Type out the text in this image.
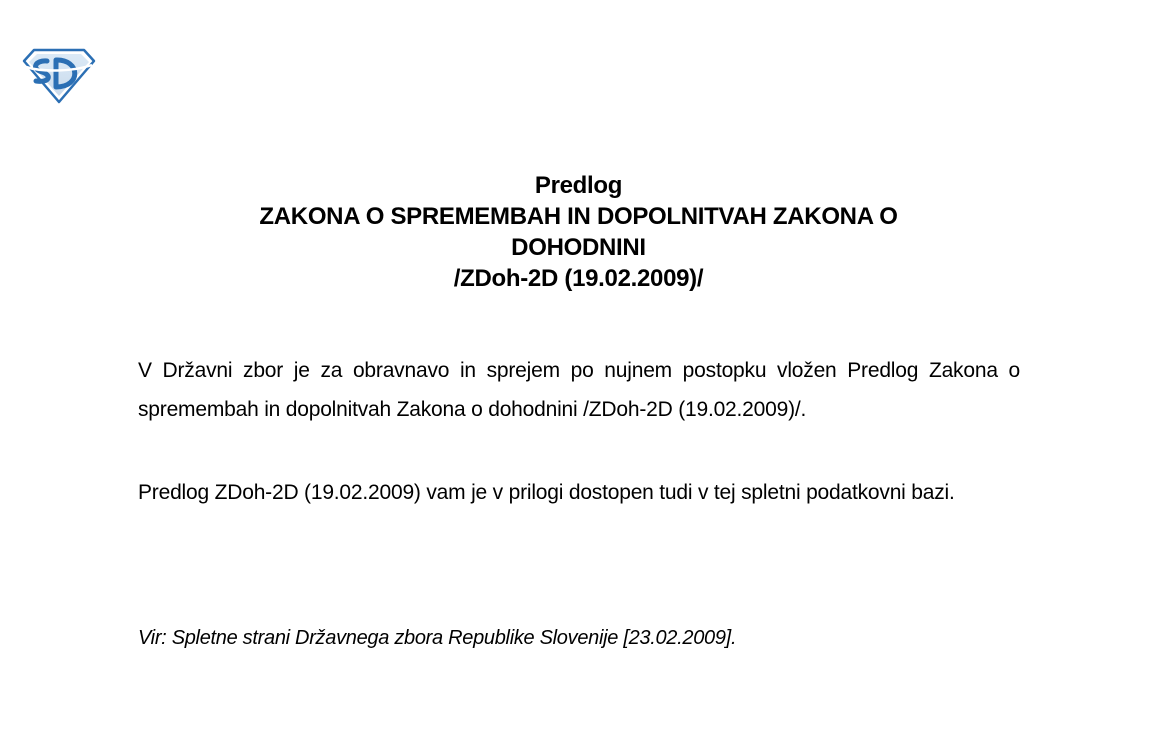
Predlog
ZAKONA O SPREMEMBAH IN DOPOLNITVAH ZAKONA O
DOHODNINI
/ZDoh-2D (19.02.2009)/
V Državni zbor je za obravnavo in sprejem po nujnem postopku vložen Predlog Zakona o spremembah in dopolnitvah Zakona o dohodnini /ZDoh-2D (19.02.2009)/.
Predlog ZDoh-2D (19.02.2009) vam je v prilogi dostopen tudi v tej spletni podatkovni bazi.
Vir: Spletne strani Državnega zbora Republike Slovenije [23.02.2009].
